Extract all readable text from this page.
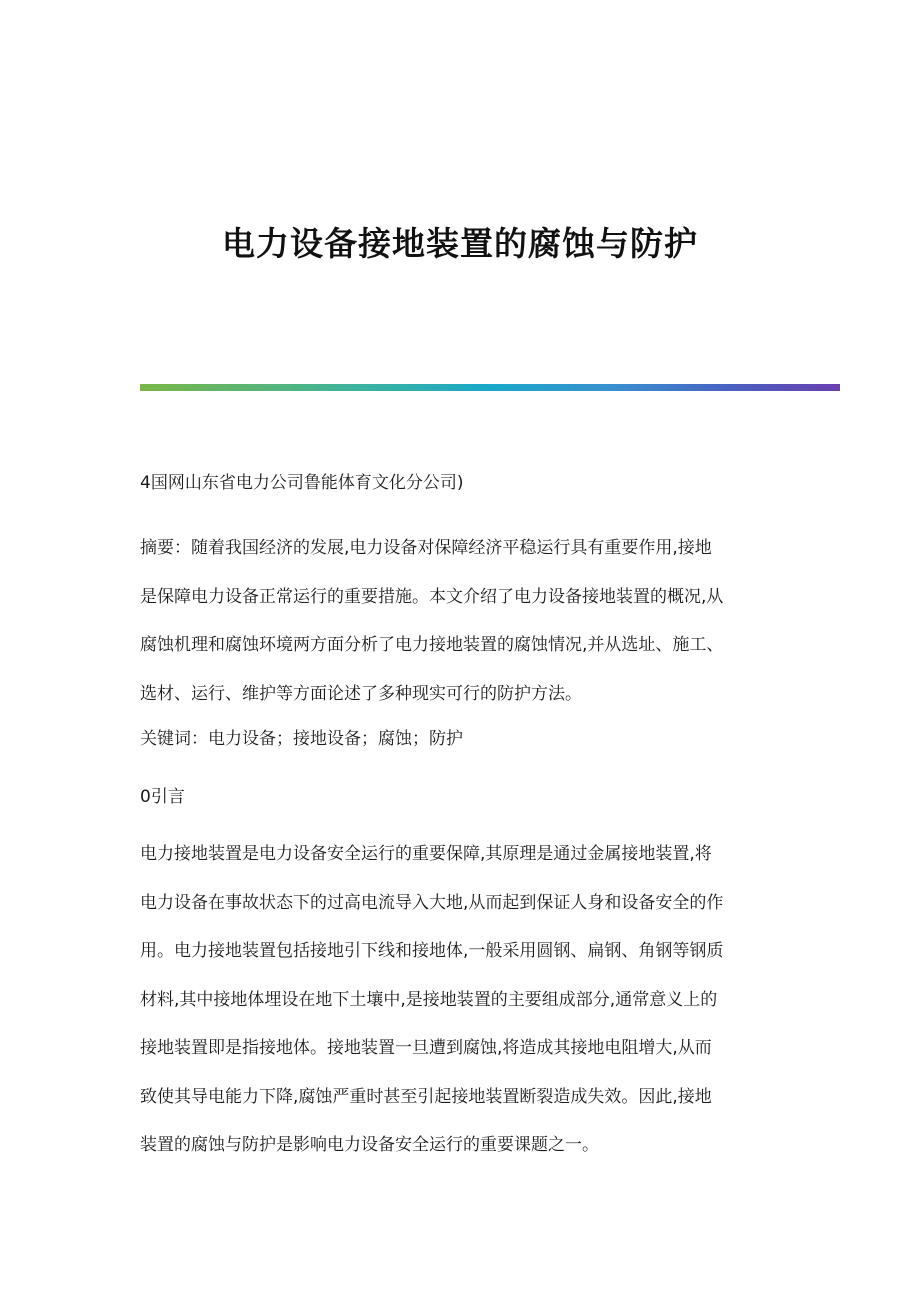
电力设备接地装置的腐蚀与防护
4国网山东省电力公司鲁能体育文化分公司)
摘要：随着我国经济的发展,电力设备对保障经济平稳运行具有重要作用,接地
是保障电力设备正常运行的重要措施。本文介绍了电力设备接地装置的概况,从
腐蚀机理和腐蚀环境两方面分析了电力接地装置的腐蚀情况,并从选址、施工、
选材、运行、维护等方面论述了多种现实可行的防护方法。
关键词：电力设备；接地设备；腐蚀；防护
0引言
电力接地装置是电力设备安全运行的重要保障,其原理是通过金属接地装置,将
电力设备在事故状态下的过高电流导入大地,从而起到保证人身和设备安全的作
用。电力接地装置包括接地引下线和接地体,一般采用圆钢、扁钢、角钢等钢质
材料,其中接地体埋设在地下土壤中,是接地装置的主要组成部分,通常意义上的
接地装置即是指接地体。接地装置一旦遭到腐蚀,将造成其接地电阻增大,从而
致使其导电能力下降,腐蚀严重时甚至引起接地装置断裂造成失效。因此,接地
装置的腐蚀与防护是影响电力设备安全运行的重要课题之一。
